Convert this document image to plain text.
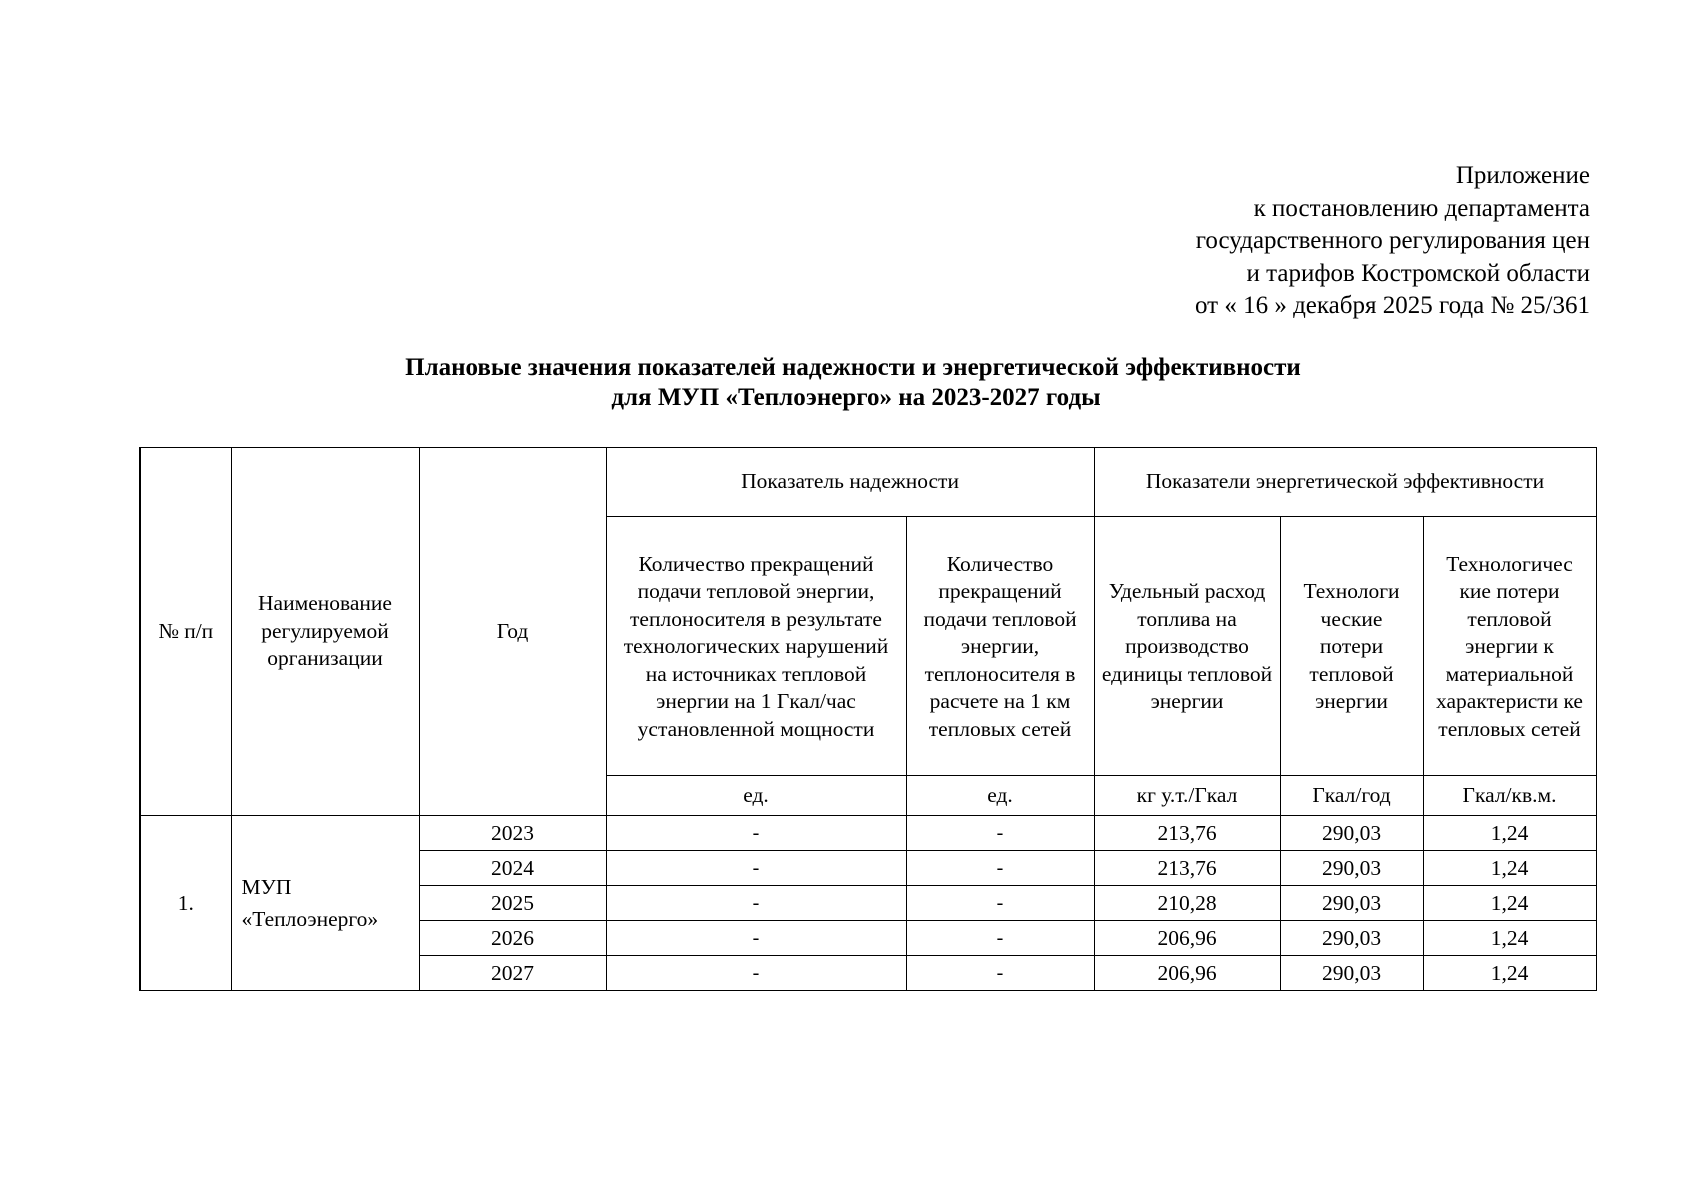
Приложение
к постановлению департамента
государственного регулирования цен
и тарифов Костромской области
от « 16 » декабря 2025 года № 25/361
Плановые значения показателей надежности и энергетической эффективности
для МУП «Теплоэнерго» на 2023-2027 годы
№ п/п	Наименование регулируемой организации	Год	Показатель надежности		Показатели энергетической эффективности		
			Количество прекращений подачи тепловой энергии, теплоносителя в результате технологических нарушений на источниках тепловой энергии на 1 Гкал/час установленной мощности	Количество прекращений подачи тепловой энергии, теплоносителя в расчете на 1 км тепловых сетей	Удельный расход топлива на производство единицы тепловой энергии	Технологи ческие потери тепловой энергии	Технологичес кие потери тепловой энергии к материальной характеристи ке тепловых сетей
			ед.	ед.	кг у.т./Гкал	Гкал/год	Гкал/кв.м.
1.	МУП «Теплоэнерго»	2023	-	-	213,76	290,03	1,24
		2024	-	-	213,76	290,03	1,24
		2025	-	-	210,28	290,03	1,24
		2026	-	-	206,96	290,03	1,24
		2027	-	-	206,96	290,03	1,24
